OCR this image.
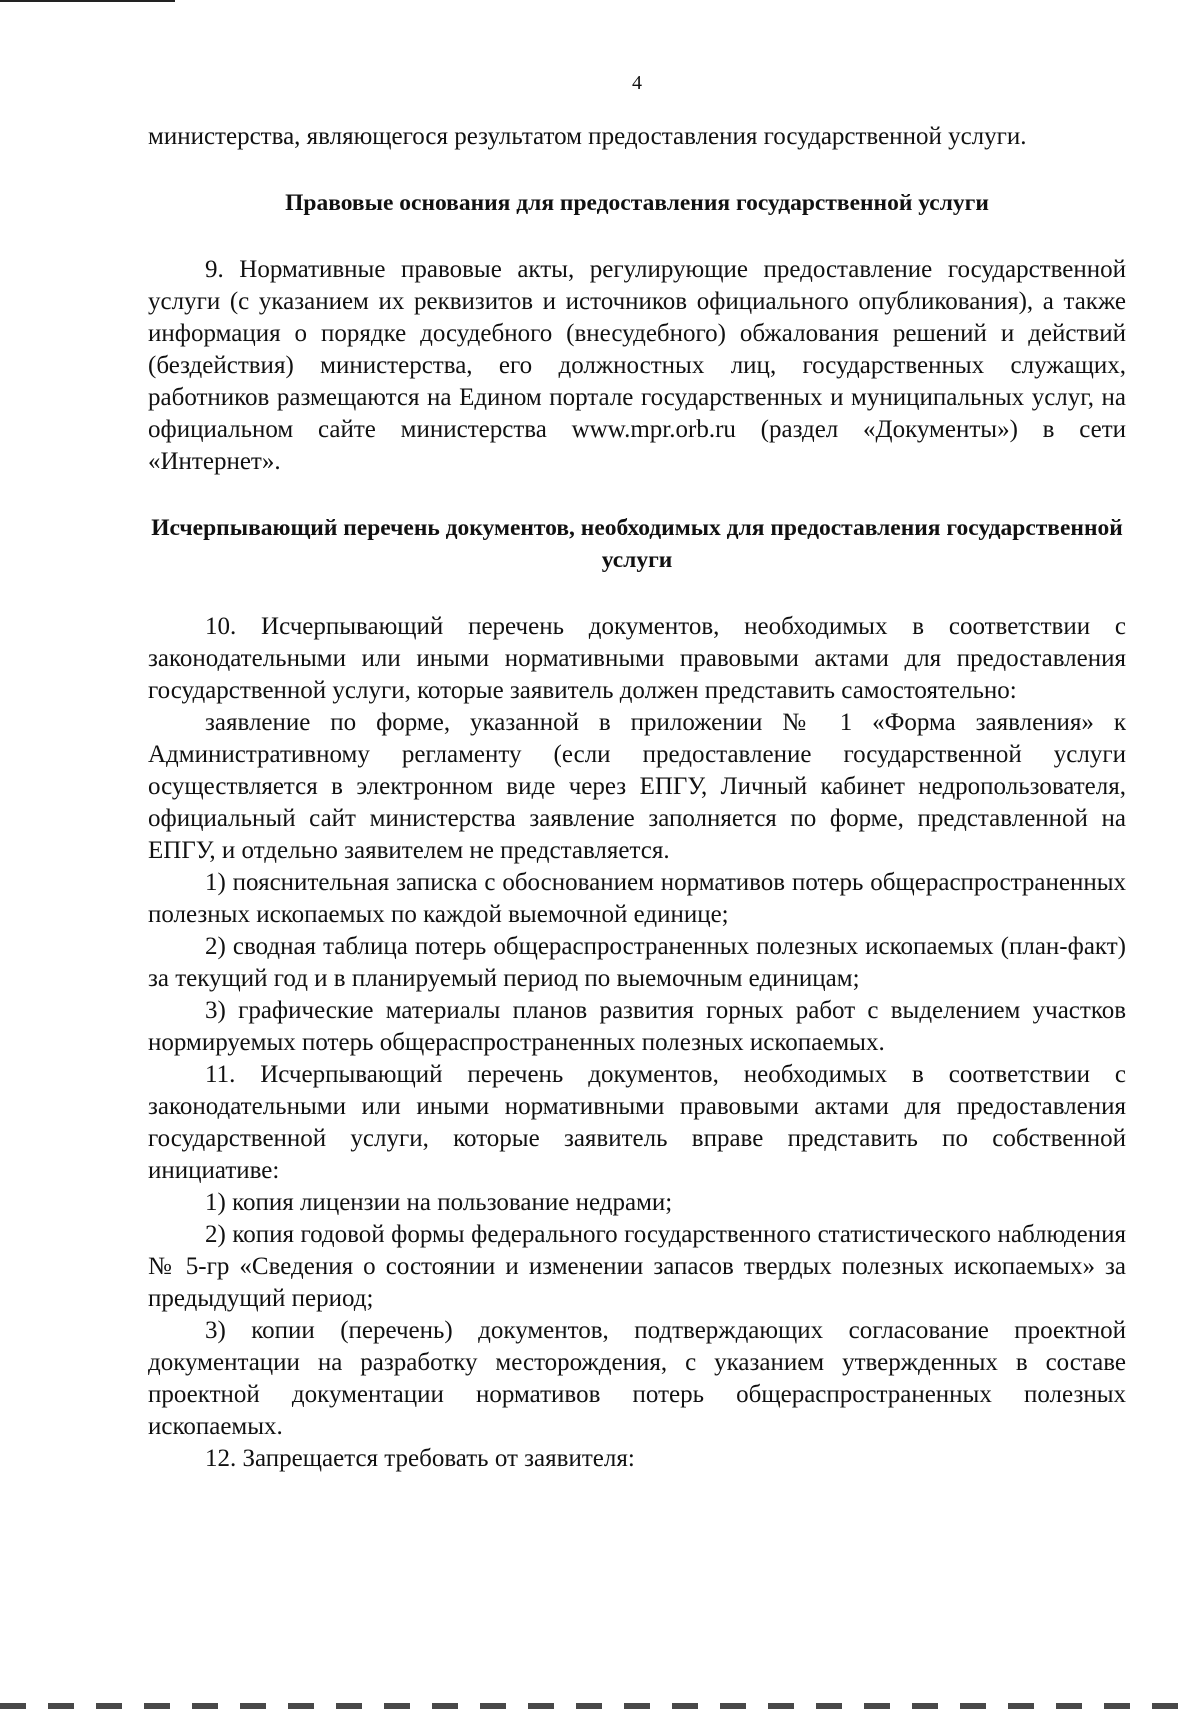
4

министерства, являющегося результатом предоставления государственной услуги.

Правовые основания для предоставления государственной услуги

9. Нормативные правовые акты, регулирующие предоставление государственной услуги (с указанием их реквизитов и источников официального опубликования), а также информация о порядке досудебного (внесудебного) обжалования решений и действий (бездействия) министерства, его должностных лиц, государственных служащих, работников размещаются на Едином портале государственных и муниципальных услуг, на официальном сайте министерства www.mpr.orb.ru (раздел «Документы») в сети «Интернет».

Исчерпывающий перечень документов, необходимых для предоставления государственной услуги

10. Исчерпывающий перечень документов, необходимых в соответствии с законодательными или иными нормативными правовыми актами для предоставления государственной услуги, которые заявитель должен представить самостоятельно:

заявление по форме, указанной в приложении № 1 «Форма заявления» к Административному регламенту (если предоставление государственной услуги осуществляется в электронном виде через ЕПГУ, Личный кабинет недропользователя, официальный сайт министерства заявление заполняется по форме, представленной на ЕПГУ, и отдельно заявителем не представляется.

1) пояснительная записка с обоснованием нормативов потерь общераспространенных полезных ископаемых по каждой выемочной единице;

2) сводная таблица потерь общераспространенных полезных ископаемых (план-факт) за текущий год и в планируемый период по выемочным единицам;

3) графические материалы планов развития горных работ с выделением участков нормируемых потерь общераспространенных полезных ископаемых.

11. Исчерпывающий перечень документов, необходимых в соответствии с законодательными или иными нормативными правовыми актами для предоставления государственной услуги, которые заявитель вправе представить по собственной инициативе:

1) копия лицензии на пользование недрами;

2) копия годовой формы федерального государственного статистического наблюдения № 5-гр «Сведения о состоянии и изменении запасов твердых полезных ископаемых» за предыдущий период;

3) копии (перечень) документов, подтверждающих согласование проектной документации на разработку месторождения, с указанием утвержденных в составе проектной документации нормативов потерь общераспространенных полезных ископаемых.

12. Запрещается требовать от заявителя:
